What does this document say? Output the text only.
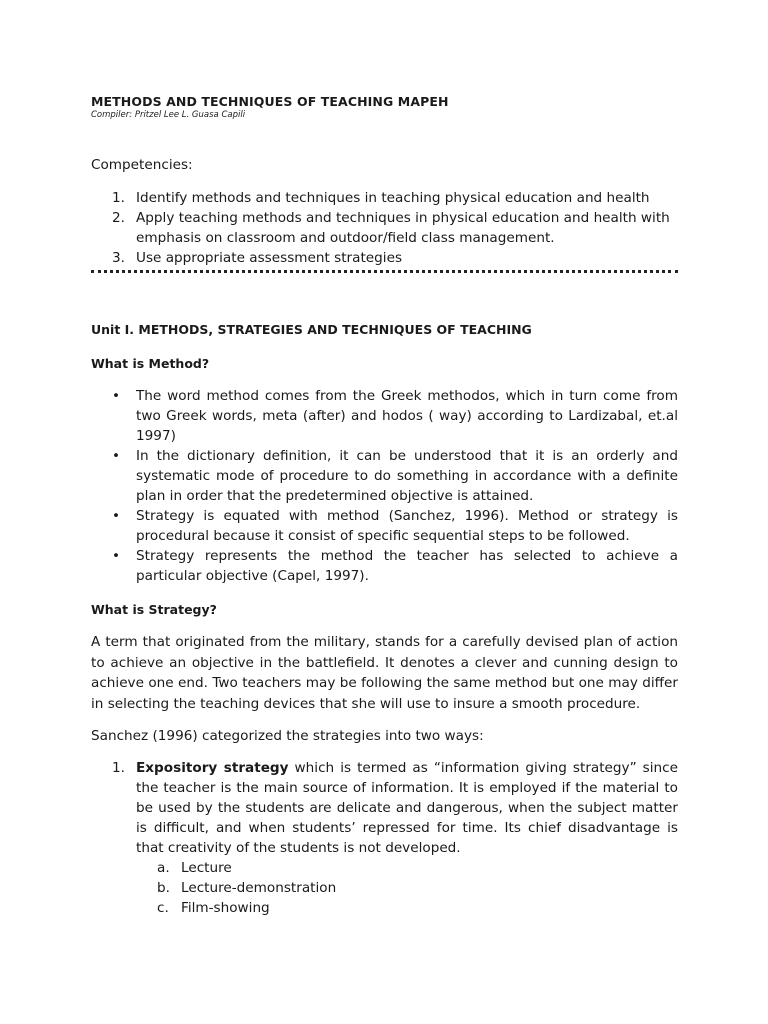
METHODS AND TECHNIQUES OF TEACHING MAPEH
Compiler: Pritzel Lee L. Guasa Capili
Competencies:
1. Identify methods and techniques in teaching physical education and health
2. Apply teaching methods and techniques in physical education and health with emphasis on classroom and outdoor/field class management.
3. Use appropriate assessment strategies
Unit I. METHODS, STRATEGIES AND TECHNIQUES OF TEACHING
What is Method?
• The word method comes from the Greek methodos, which in turn come from two Greek words, meta (after) and hodos ( way) according to Lardizabal, et.al 1997)
• In the dictionary definition, it can be understood that it is an orderly and systematic mode of procedure to do something in accordance with a definite plan in order that the predetermined objective is attained.
• Strategy is equated with method (Sanchez, 1996). Method or strategy is procedural because it consist of specific sequential steps to be followed.
• Strategy represents the method the teacher has selected to achieve a particular objective (Capel, 1997).
What is Strategy?

A term that originated from the military, stands for a carefully devised plan of action to achieve an objective in the battlefield. It denotes a clever and cunning design to achieve one end. Two teachers may be following the same method but one may differ in selecting the teaching devices that she will use to insure a smooth procedure.

Sanchez (1996) categorized the strategies into two ways:

1. Expository strategy which is termed as “information giving strategy” since the teacher is the main source of information. It is employed if the material to be used by the students are delicate and dangerous, when the subject matter is difficult, and when students’ repressed for time. Its chief disadvantage is that creativity of the students is not developed.
a. Lecture
b. Lecture-demonstration
c. Film-showing
